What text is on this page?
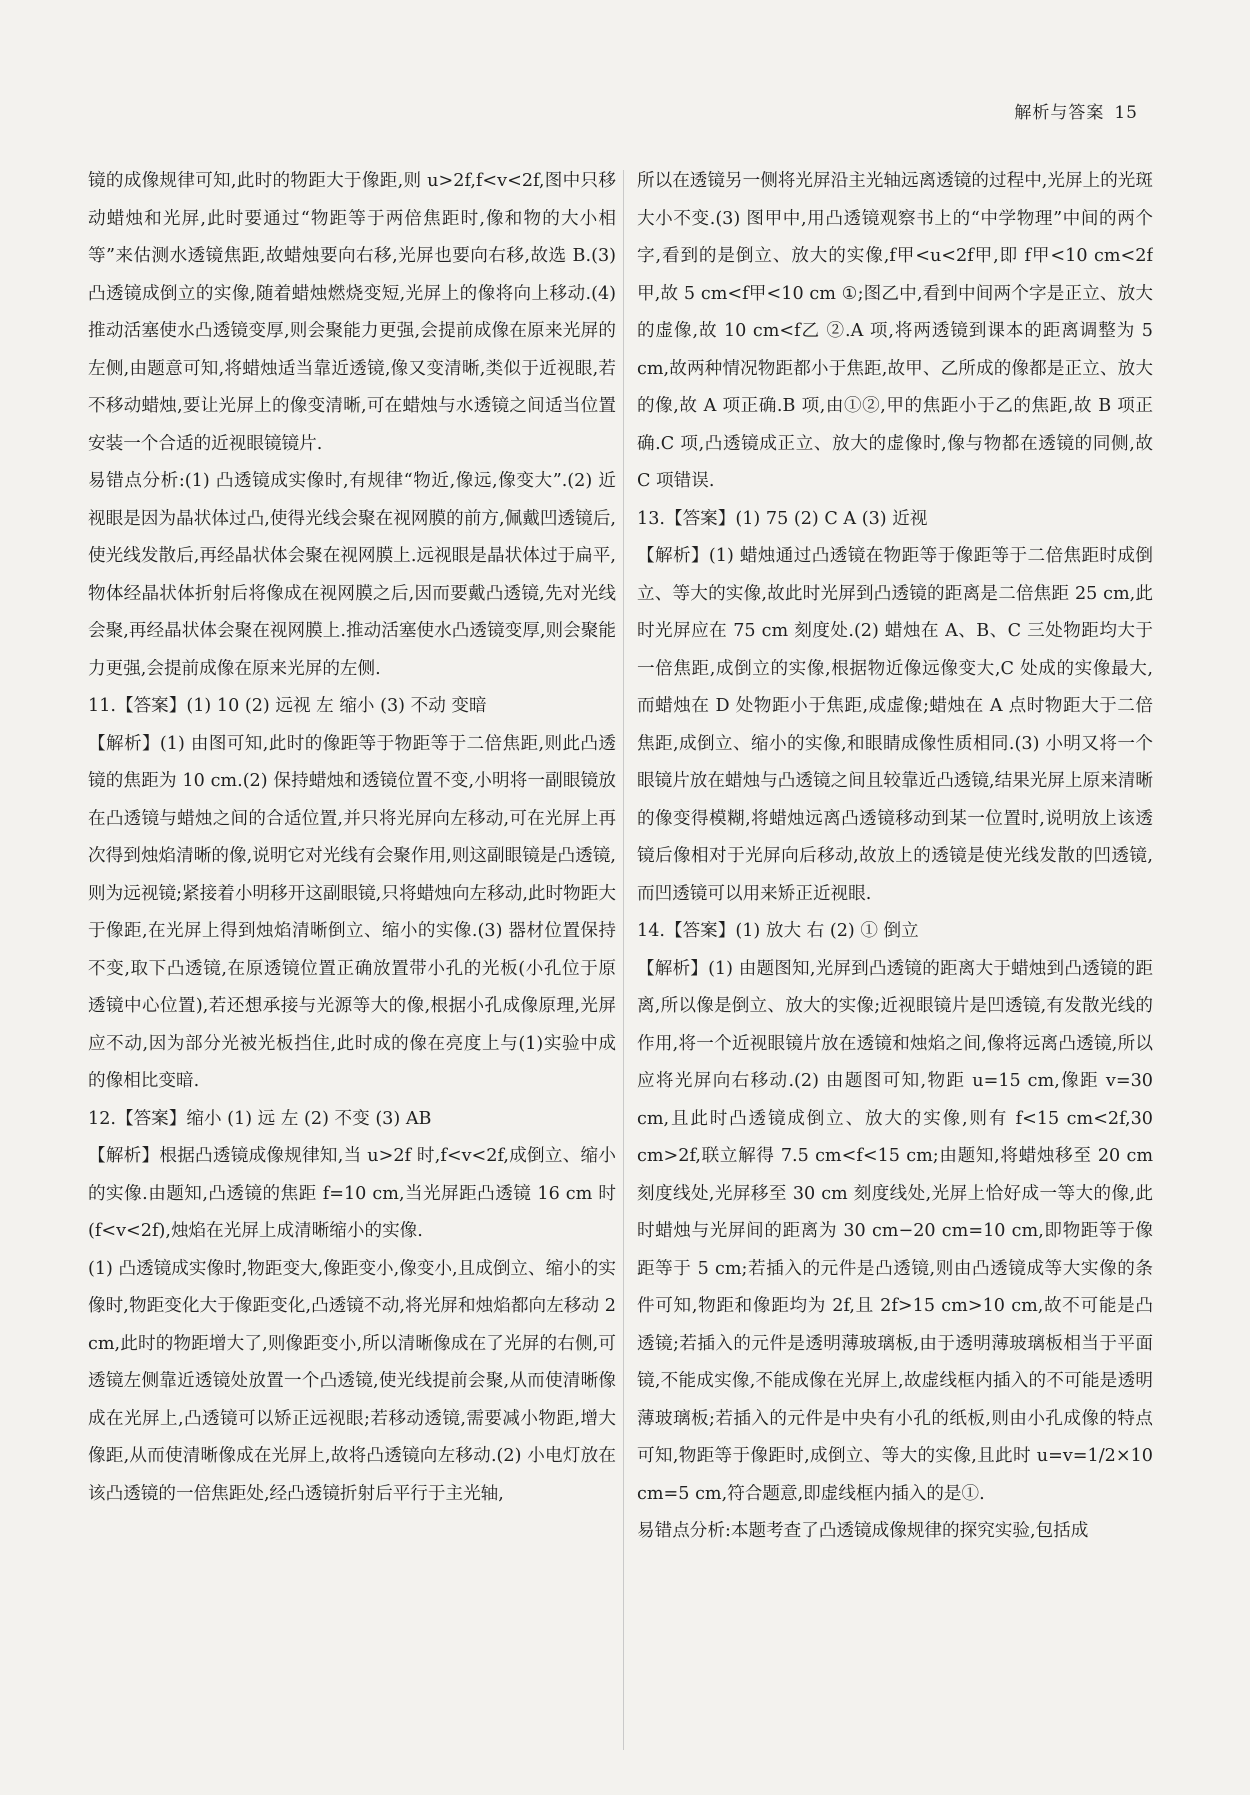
解析与答案 15

镜的成像规律可知,此时的物距大于像距,则 u>2f,f<v<2f,图中只移动蜡烛和光屏,此时要通过“物距等于两倍焦距时,像和物的大小相等”来估测水透镜焦距,故蜡烛要向右移,光屏也要向右移,故选 B.(3) 凸透镜成倒立的实像,随着蜡烛燃烧变短,光屏上的像将向上移动.(4) 推动活塞使水凸透镜变厚,则会聚能力更强,会提前成像在原来光屏的左侧,由题意可知,将蜡烛适当靠近透镜,像又变清晰,类似于近视眼,若不移动蜡烛,要让光屏上的像变清晰,可在蜡烛与水透镜之间适当位置安装一个合适的近视眼镜镜片.

易错点分析:(1) 凸透镜成实像时,有规律“物近,像远,像变大”.(2) 近视眼是因为晶状体过凸,使得光线会聚在视网膜的前方,佩戴凹透镜后,使光线发散后,再经晶状体会聚在视网膜上.远视眼是晶状体过于扁平,物体经晶状体折射后将像成在视网膜之后,因而要戴凸透镜,先对光线会聚,再经晶状体会聚在视网膜上.推动活塞使水凸透镜变厚,则会聚能力更强,会提前成像在原来光屏的左侧.

11.【答案】(1) 10 (2) 远视 左 缩小 (3) 不动 变暗

【解析】(1) 由图可知,此时的像距等于物距等于二倍焦距,则此凸透镜的焦距为 10 cm.(2) 保持蜡烛和透镜位置不变,小明将一副眼镜放在凸透镜与蜡烛之间的合适位置,并只将光屏向左移动,可在光屏上再次得到烛焰清晰的像,说明它对光线有会聚作用,则这副眼镜是凸透镜,则为远视镜;紧接着小明移开这副眼镜,只将蜡烛向左移动,此时物距大于像距,在光屏上得到烛焰清晰倒立、缩小的实像.(3) 器材位置保持不变,取下凸透镜,在原透镜位置正确放置带小孔的光板(小孔位于原透镜中心位置),若还想承接与光源等大的像,根据小孔成像原理,光屏应不动,因为部分光被光板挡住,此时成的像在亮度上与(1)实验中成的像相比变暗.

12.【答案】缩小 (1) 远 左 (2) 不变 (3) AB

【解析】根据凸透镜成像规律知,当 u>2f 时,f<v<2f,成倒立、缩小的实像.由题知,凸透镜的焦距 f=10 cm,当光屏距凸透镜 16 cm 时(f<v<2f),烛焰在光屏上成清晰缩小的实像.

(1) 凸透镜成实像时,物距变大,像距变小,像变小,且成倒立、缩小的实像时,物距变化大于像距变化,凸透镜不动,将光屏和烛焰都向左移动 2 cm,此时的物距增大了,则像距变小,所以清晰像成在了光屏的右侧,可透镜左侧靠近透镜处放置一个凸透镜,使光线提前会聚,从而使清晰像成在光屏上,凸透镜可以矫正远视眼;若移动透镜,需要减小物距,增大像距,从而使清晰像成在光屏上,故将凸透镜向左移动.(2) 小电灯放在该凸透镜的一倍焦距处,经凸透镜折射后平行于主光轴,

所以在透镜另一侧将光屏沿主光轴远离透镜的过程中,光屏上的光斑大小不变.(3) 图甲中,用凸透镜观察书上的“中学物理”中间的两个字,看到的是倒立、放大的实像,f甲<u<2f甲,即 f甲<10 cm<2f甲,故 5 cm<f甲<10 cm ①;图乙中,看到中间两个字是正立、放大的虚像,故 10 cm<f乙 ②.A 项,将两透镜到课本的距离调整为 5 cm,故两种情况物距都小于焦距,故甲、乙所成的像都是正立、放大的像,故 A 项正确.B 项,由①②,甲的焦距小于乙的焦距,故 B 项正确.C 项,凸透镜成正立、放大的虚像时,像与物都在透镜的同侧,故 C 项错误.

13.【答案】(1) 75 (2) C A (3) 近视

【解析】(1) 蜡烛通过凸透镜在物距等于像距等于二倍焦距时成倒立、等大的实像,故此时光屏到凸透镜的距离是二倍焦距 25 cm,此时光屏应在 75 cm 刻度处.(2) 蜡烛在 A、B、C 三处物距均大于一倍焦距,成倒立的实像,根据物近像远像变大,C 处成的实像最大,而蜡烛在 D 处物距小于焦距,成虚像;蜡烛在 A 点时物距大于二倍焦距,成倒立、缩小的实像,和眼睛成像性质相同.(3) 小明又将一个眼镜片放在蜡烛与凸透镜之间且较靠近凸透镜,结果光屏上原来清晰的像变得模糊,将蜡烛远离凸透镜移动到某一位置时,说明放上该透镜后像相对于光屏向后移动,故放上的透镜是使光线发散的凹透镜,而凹透镜可以用来矫正近视眼.

14.【答案】(1) 放大 右 (2) ① 倒立

【解析】(1) 由题图知,光屏到凸透镜的距离大于蜡烛到凸透镜的距离,所以像是倒立、放大的实像;近视眼镜片是凹透镜,有发散光线的作用,将一个近视眼镜片放在透镜和烛焰之间,像将远离凸透镜,所以应将光屏向右移动.(2) 由题图可知,物距 u=15 cm,像距 v=30 cm,且此时凸透镜成倒立、放大的实像,则有 f<15 cm<2f,30 cm>2f,联立解得 7.5 cm<f<15 cm;由题知,将蜡烛移至 20 cm 刻度线处,光屏移至 30 cm 刻度线处,光屏上恰好成一等大的像,此时蜡烛与光屏间的距离为 30 cm−20 cm=10 cm,即物距等于像距等于 5 cm;若插入的元件是凸透镜,则由凸透镜成等大实像的条件可知,物距和像距均为 2f,且 2f>15 cm>10 cm,故不可能是凸透镜;若插入的元件是透明薄玻璃板,由于透明薄玻璃板相当于平面镜,不能成实像,不能成像在光屏上,故虚线框内插入的不可能是透明薄玻璃板;若插入的元件是中央有小孔的纸板,则由小孔成像的特点可知,物距等于像距时,成倒立、等大的实像,且此时 u=v=1/2×10 cm=5 cm,符合题意,即虚线框内插入的是①.

易错点分析:本题考查了凸透镜成像规律的探究实验,包括成
